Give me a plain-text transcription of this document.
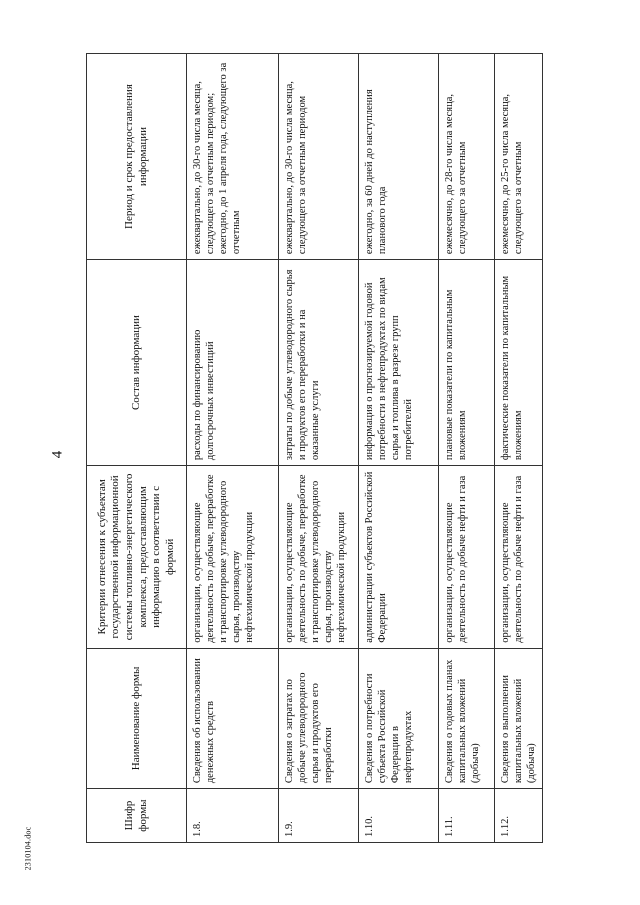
4
Шифр формы	Наименование формы	Критерии отнесения к субъектам государственной информационной системы топливно-энергетического комплекса, предоставляющим информацию в соответствии с формой	Состав информации	Период и срок предоставления информации
1.8.	Сведения об использовании денежных средств	организации, осуществляющие деятельность по добыче, переработке и транспортировке углеводородного сырья, производству нефтехимической продукции	расходы по финансированию долгосрочных инвестиций	ежеквартально, до 30-го числа месяца, следующего за отчетным периодом; ежегодно, до 1 апреля года, следующего за отчетным
1.9.	Сведения о затратах по добыче углеводородного сырья и продуктов его переработки	организации, осуществляющие деятельность по добыче, переработке и транспортировке углеводородного сырья, производству нефтехимической продукции	затраты по добыче углеводородного сырья и продуктов его переработки и на оказанные услуги	ежеквартально, до 30-го числа месяца, следующего за отчетным периодом
1.10.	Сведения о потребности субъекта Российской Федерации в нефтепродуктах	администрации субъектов Российской Федерации	информация о прогнозируемой годовой потребности в нефтепродуктах по видам сырья и топлива в разрезе групп потребителей	ежегодно, за 60 дней до наступления планового года
1.11.	Сведения о годовых планах капитальных вложений (добыча)	организации, осуществляющие деятельность по добыче нефти и газа	плановые показатели по капитальным вложениям	ежемесячно, до 28-го числа месяца, следующего за отчетным
1.12.	Сведения о выполнении капитальных вложений (добыча)	организации, осуществляющие деятельность по добыче нефти и газа	фактические показатели по капитальным вложениям	ежемесячно, до 25-го числа месяца, следующего за отчетным
2310104.doc
